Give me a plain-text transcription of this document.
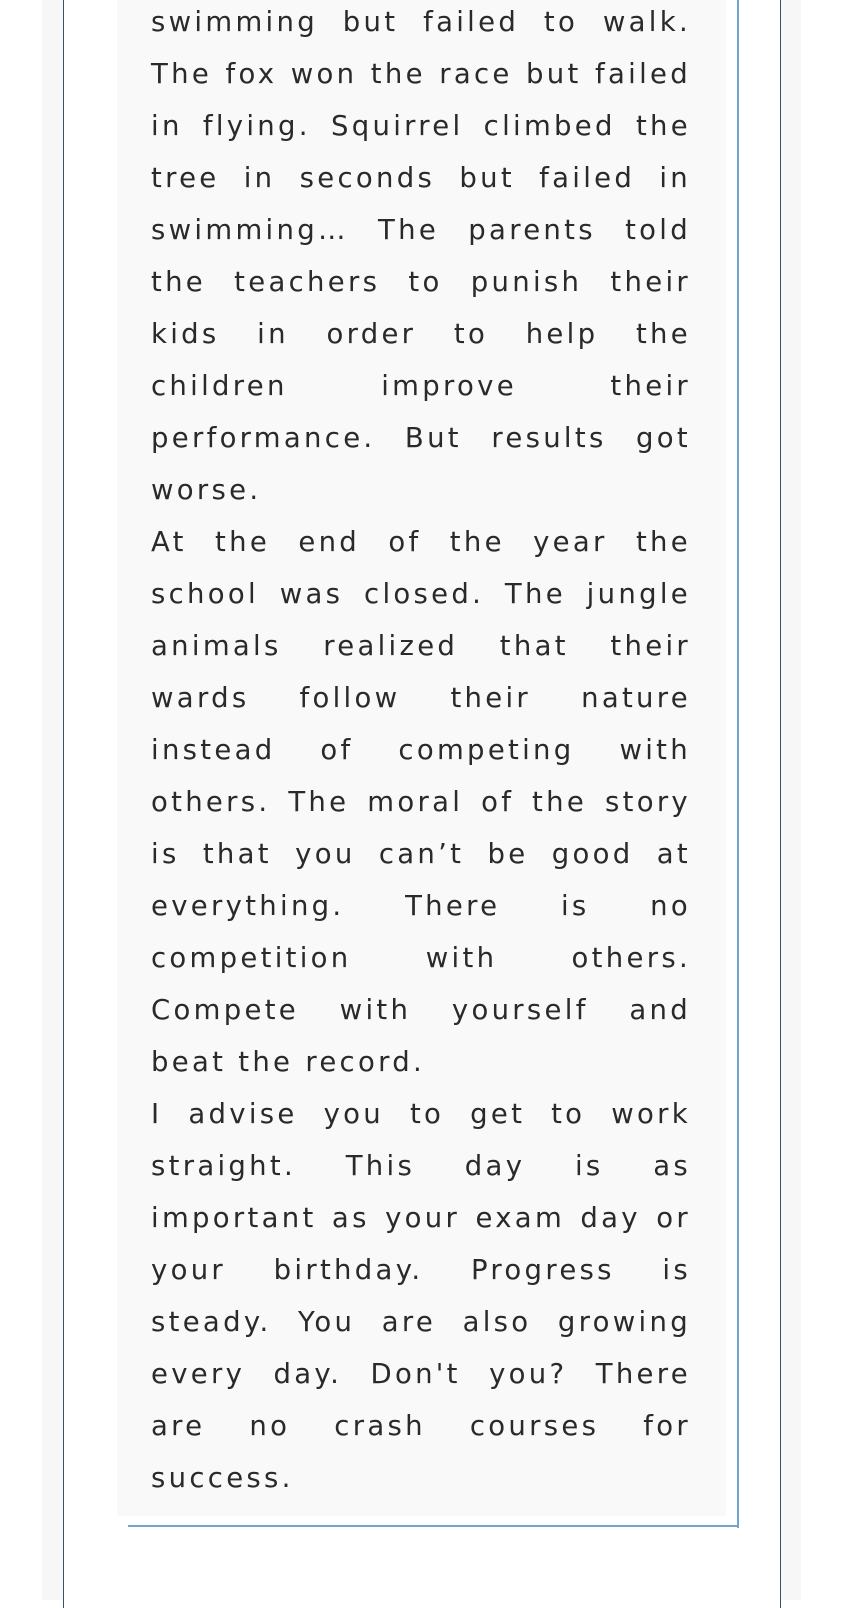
swimming but failed to walk. The fox won the race but failed in flying. Squirrel climbed the tree in seconds but failed in swimming… The parents told the teachers to punish their kids in order to help the children improve their performance. But results got worse.

At the end of the year the school was closed. The jungle animals realized that their wards follow their nature instead of competing with others. The moral of the story is that you can’t be good at everything. There is no competition with others. Compete with yourself and beat the record.

I advise you to get to work straight. This day is as important as your exam day or your birthday. Progress is steady. You are also growing every day. Don't you? There are no crash courses for success.
